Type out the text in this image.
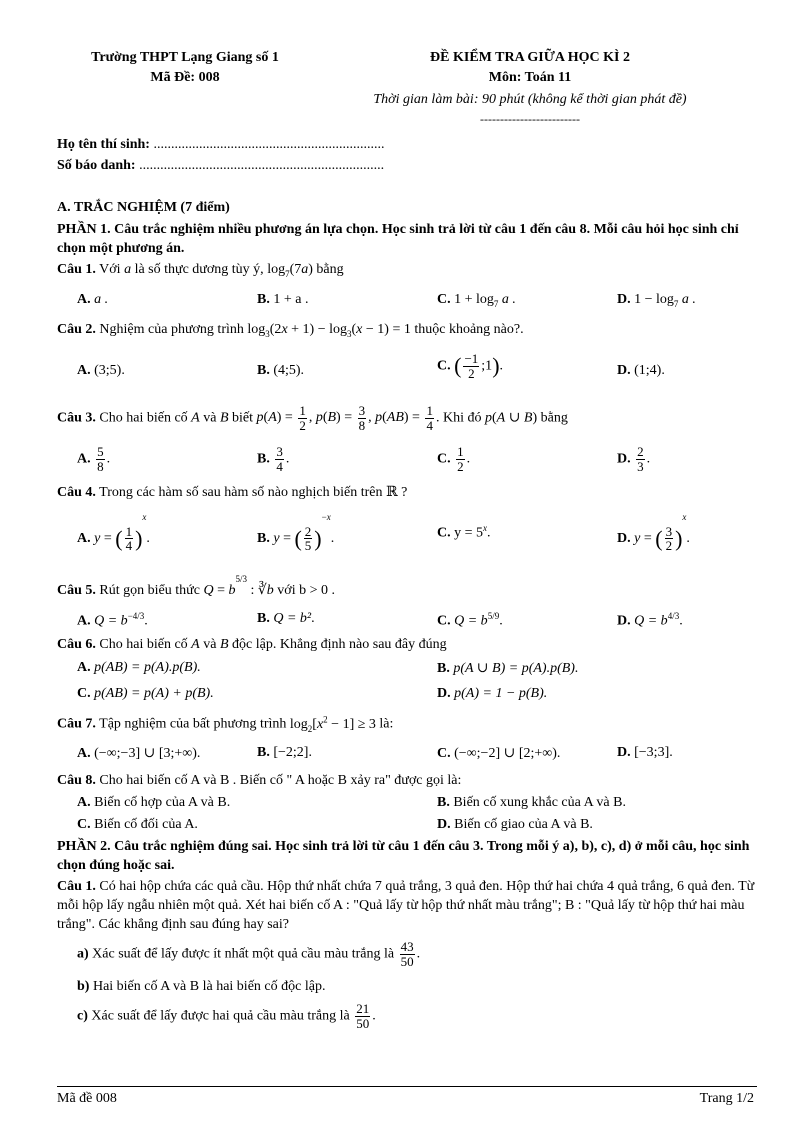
Trường THPT Lạng Giang số 1
Mã Đề: 008
ĐỀ KIỂM TRA GIỮA HỌC KÌ 2
Môn: Toán 11
Thời gian làm bài: 90 phút (không kể thời gian phát đề)
-------------------------
Họ tên thí sinh: ..................................................................
Số báo danh: ......................................................................
A. TRẮC NGHIỆM (7 điểm)
PHẦN 1. Câu trắc nghiệm nhiều phương án lựa chọn. Học sinh trả lời từ câu 1 đến câu 8. Mỗi câu hỏi học sinh chỉ chọn một phương án.
Câu 1. Với a là số thực dương tùy ý, $\log_7(7a)$ bằng
A. a .	B. 1 + a .	C. $1 + \log_7 a$ .	D. $1 - \log_7 a$ .
Câu 2. Nghiệm của phương trình $\log_3(2x + 1) - \log_3(x - 1) = 1$ thuộc khoảng nào?.
A. (3;5).	B. (4;5).	C. ( $\frac{-1}{2}$ ;1).	D. (1;4).
Câu 3. Cho hai biến cố A và B biết $p(A) = \frac{1}{2}$ , $p(B) = \frac{3}{8}$ , $p(AB) = \frac{1}{4}$ . Khi đó p(A ∪ B) bằng
A. $\frac{5}{8}$ .	B. $\frac{3}{4}$ .	C. $\frac{1}{2}$ .	D. $\frac{2}{3}$ .
Câu 4. Trong các hàm số sau hàm số nào nghịch biến trên ℝ ?
A. y = ( $\frac{1}{4} )^x$.	B. y = ( $\frac{2}{5} )^{-x}$.	C. $y = 5^x$.	D. y = ( $\frac{3}{2} )^x$.
Câu 5. Rút gọn biểu thức $Q = b^{5/3}$ : ∛b với b > 0 .
A. $Q = b^{-4/3}$.	B. Q = b².	C. $Q = b^{5/9}$.	D. $Q = b^{4/3}$.
Câu 6. Cho hai biến cố A và B độc lập. Khẳng định nào sau đây đúng
A. p(AB) = p(A).p(B).	B. p(A ∪ B) = p(A).p(B).
C. p(AB) = p(A) + p(B).	D. p(A) = 1 − p(B).
Câu 7. Tập nghiệm của bất phương trình $\log_2[x^2 - 1] \ge 3$ là:
A. (−∞;−3] ∪ [3;+∞).	B. [−2;2].	C. (−∞;−2] ∪ [2;+∞).	D. [−3;3].
Câu 8. Cho hai biến cố A và B . Biến cố " A hoặc B xảy ra" được gọi là:
A. Biến cố hợp của A và B.	B. Biến cố xung khắc của A và B.
C. Biến cố đối của A.	D. Biến cố giao của A và B.
PHẦN 2. Câu trắc nghiệm đúng sai. Học sinh trả lời từ câu 1 đến câu 3. Trong mỗi ý a), b), c), d) ở mỗi câu, học sinh chọn đúng hoặc sai.
Câu 1. Có hai hộp chứa các quả cầu. Hộp thứ nhất chứa 7 quả trắng, 3 quả đen. Hộp thứ hai chứa 4 quả trắng, 6 quả đen. Từ mỗi hộp lấy ngẫu nhiên một quả. Xét hai biến cố A : "Quả lấy từ hộp thứ nhất màu trắng"; B : "Quả lấy từ hộp thứ hai màu trắng". Các khẳng định sau đúng hay sai?
a) Xác suất để lấy được ít nhất một quả cầu màu trắng là $\frac{43}{50}$ .
b) Hai biến cố A và B là hai biến cố độc lập.
c) Xác suất để lấy được hai quả cầu màu trắng là $\frac{21}{50}$ .
Mã đề 008	Trang 1/2
